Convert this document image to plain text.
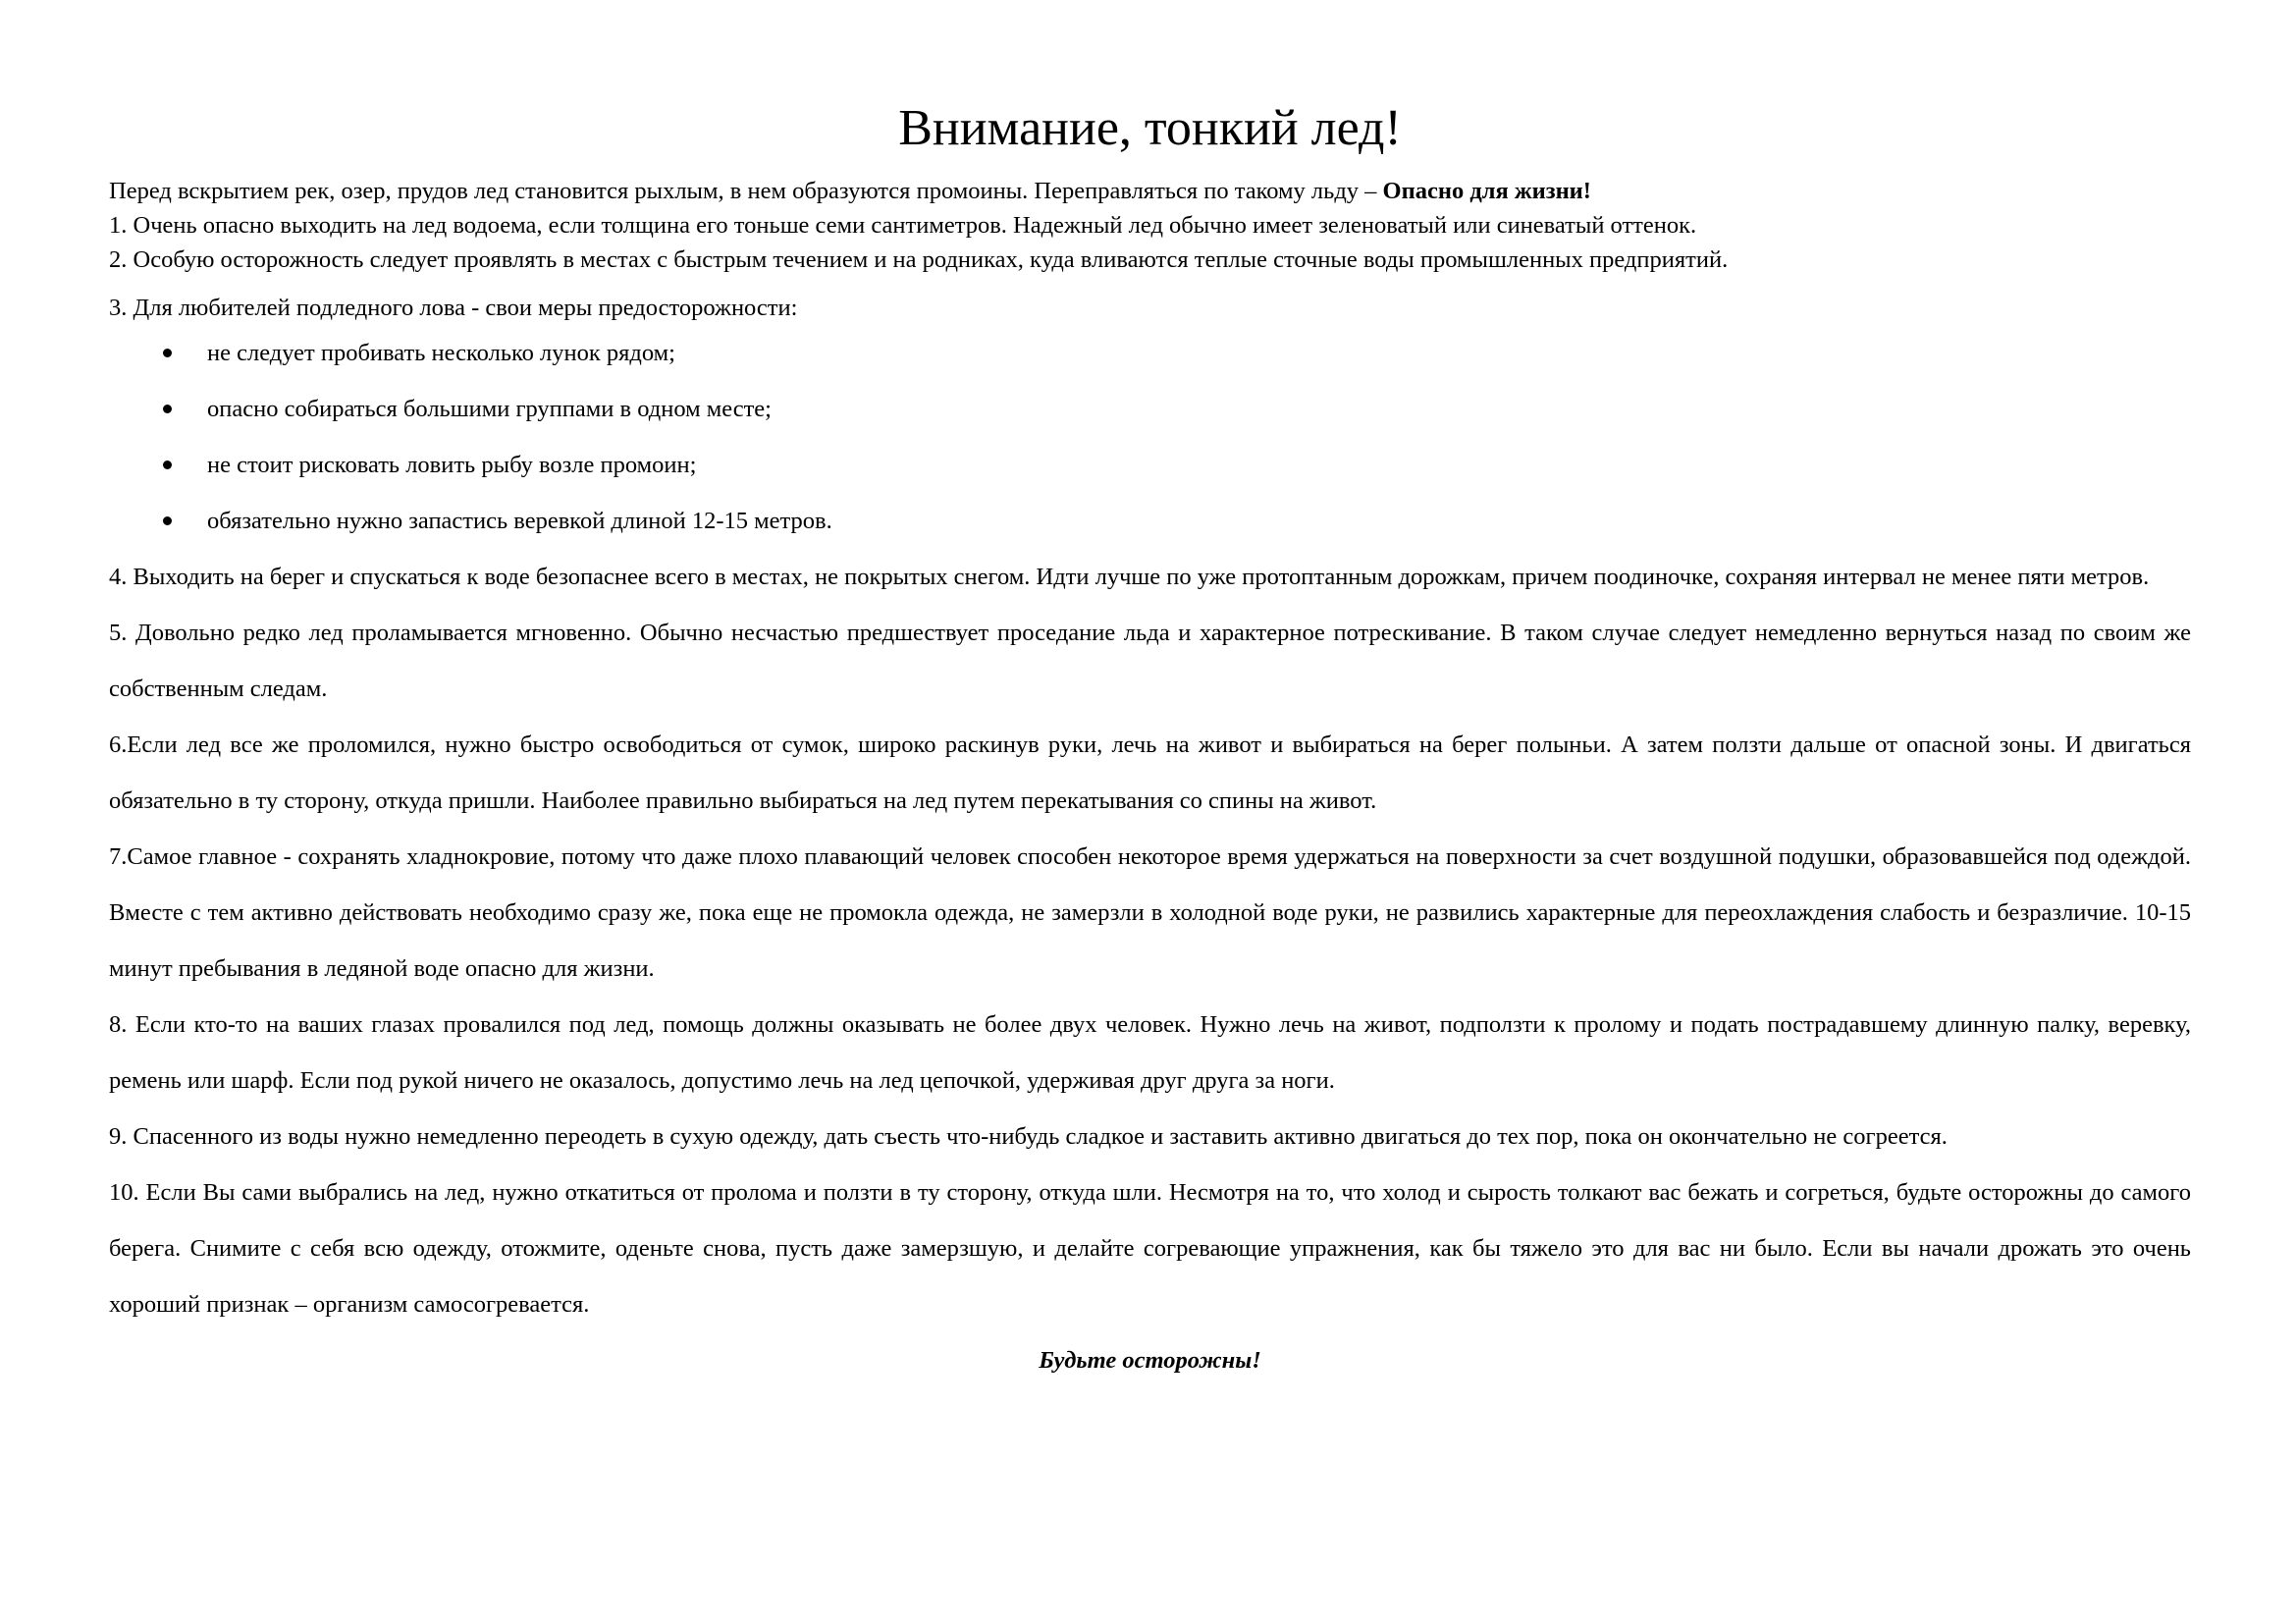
Внимание, тонкий лед!

Перед вскрытием рек, озер, прудов лед становится рыхлым, в нем образуются промоины. Переправляться по такому льду – Опасно для жизни!

1. Очень опасно выходить на лед водоема, если толщина его тоньше семи сантиметров. Надежный лед обычно имеет зеленоватый или синеватый оттенок.

2. Особую осторожность следует проявлять в местах с быстрым течением и на родниках, куда вливаются теплые сточные воды промышленных предприятий.

3. Для любителей подледного лова - свои меры предосторожности:

не следует пробивать несколько лунок рядом;
опасно собираться большими группами в одном месте;
не стоит рисковать ловить рыбу возле промоин;
обязательно нужно запастись веревкой длиной 12-15 метров.

4. Выходить на берег и спускаться к воде безопаснее всего в местах, не покрытых снегом. Идти лучше по уже протоптанным дорожкам, причем поодиночке, сохраняя интервал не менее пяти метров.

5. Довольно редко лед проламывается мгновенно. Обычно несчастью предшествует проседание льда и характерное потрескивание. В таком случае следует немедленно вернуться назад по своим же собственным следам.

6.Если лед все же проломился, нужно быстро освободиться от сумок, широко раскинув руки, лечь на живот и выбираться на берег полыньи. А затем ползти дальше от опасной зоны. И двигаться обязательно в ту сторону, откуда пришли. Наиболее правильно выбираться на лед путем перекатывания со спины на живот.

7.Самое главное - сохранять хладнокровие, потому что даже плохо плавающий человек способен некоторое время удержаться на поверхности за счет воздушной подушки, образовавшейся под одеждой. Вместе с тем активно действовать необходимо сразу же, пока еще не промокла одежда, не замерзли в холодной воде руки, не развились характерные для переохлаждения слабость и безразличие. 10-15 минут пребывания в ледяной воде опасно для жизни.

8. Если кто-то на ваших глазах провалился под лед, помощь должны оказывать не более двух человек. Нужно лечь на живот, подползти к пролому и подать пострадавшему длинную палку, веревку, ремень или шарф. Если под рукой ничего не оказалось, допустимо лечь на лед цепочкой, удерживая друг друга за ноги.

9. Спасенного из воды нужно немедленно переодеть в сухую одежду, дать съесть что-нибудь сладкое и заставить активно двигаться до тех пор, пока он окончательно не согреется.

10. Если Вы сами выбрались на лед, нужно откатиться от пролома и ползти в ту сторону, откуда шли. Несмотря на то, что холод и сырость толкают вас бежать и согреться, будьте осторожны до самого берега. Снимите с себя всю одежду, отожмите, оденьте снова, пусть даже замерзшую, и делайте согревающие упражнения, как бы тяжело это для вас ни было. Если вы начали дрожать это очень хороший признак – организм самосогревается.

Будьте осторожны!
